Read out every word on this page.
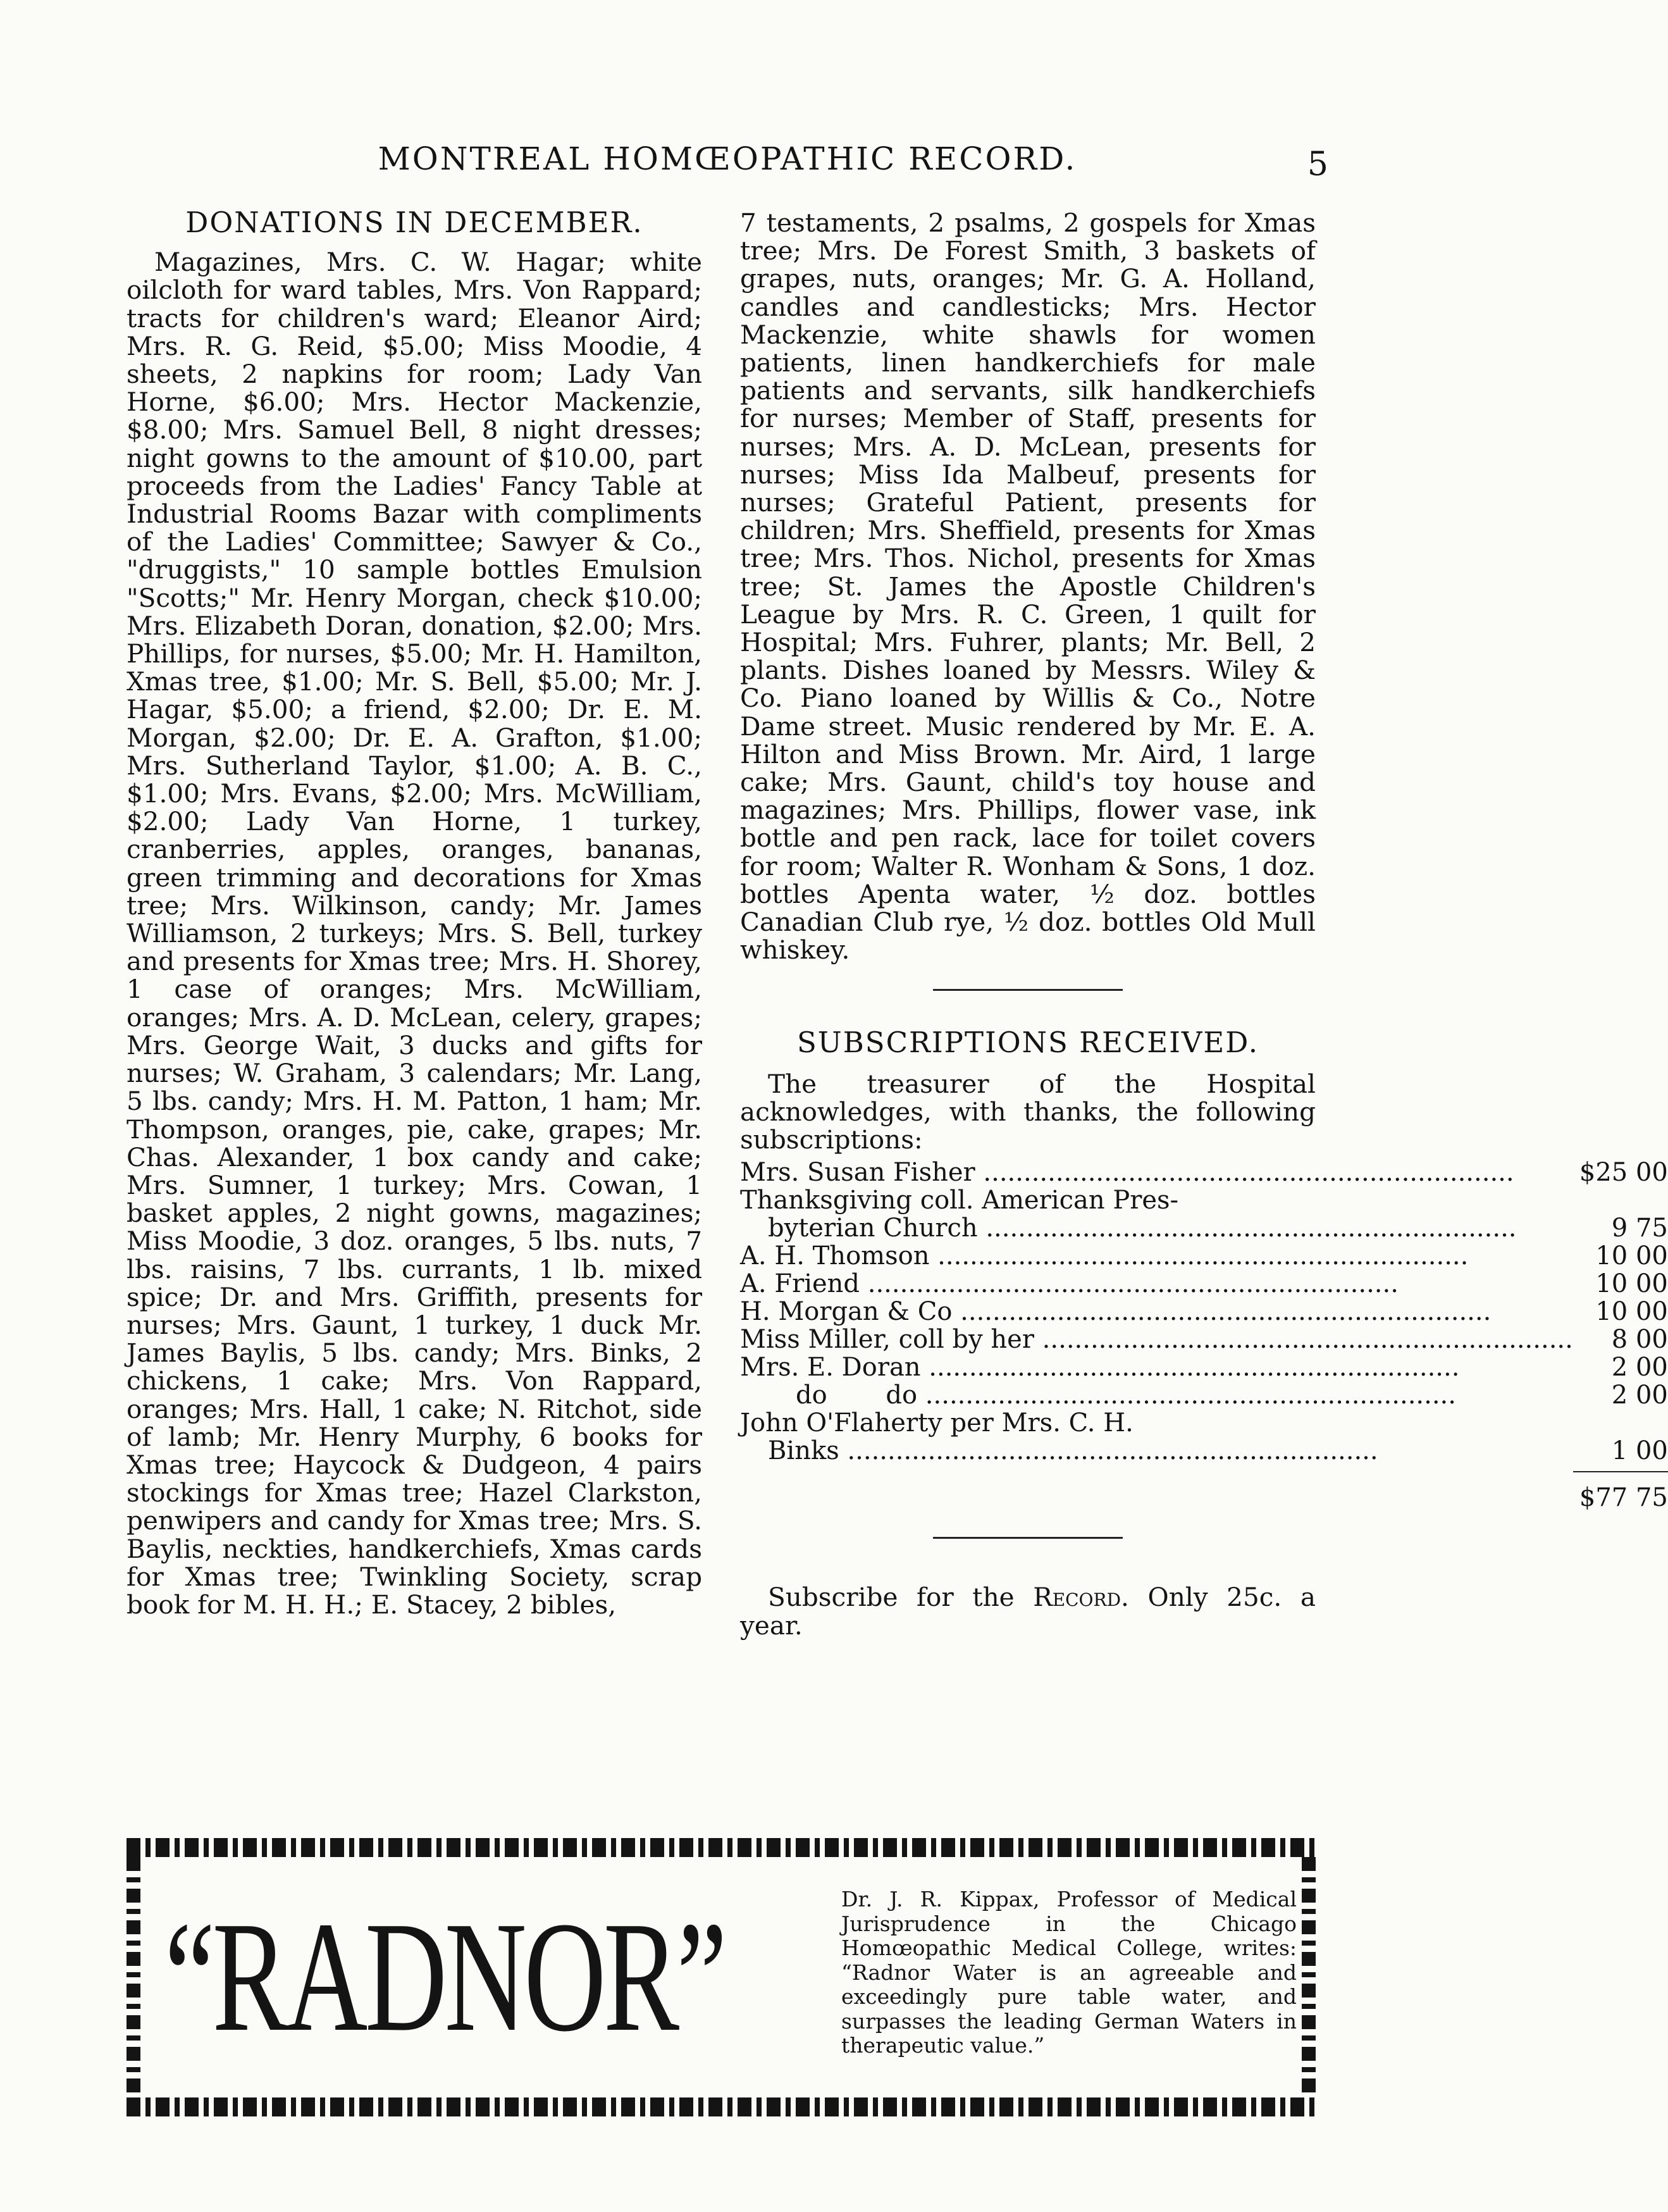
MONTREAL HOMŒOPATHIC RECORD.	5
DONATIONS IN DECEMBER.

Magazines, Mrs. C. W. Hagar; white oilcloth for ward tables, Mrs. Von Rappard; tracts for children's ward; Eleanor Aird; Mrs. R. G. Reid, $5.00; Miss Moodie, 4 sheets, 2 napkins for room; Lady Van Horne, $6.00; Mrs. Hector Mackenzie, $8.00; Mrs. Samuel Bell, 8 night dresses; night gowns to the amount of $10.00, part proceeds from the Ladies' Fancy Table at Industrial Rooms Bazar with compliments of the Ladies' Committee; Sawyer & Co., "druggists," 10 sample bottles Emulsion "Scotts;" Mr. Henry Morgan, check $10.00; Mrs. Elizabeth Doran, donation, $2.00; Mrs. Phillips, for nurses, $5.00; Mr. H. Hamilton, Xmas tree, $1.00; Mr. S. Bell, $5.00; Mr. J. Hagar, $5.00; a friend, $2.00; Dr. E. M. Morgan, $2.00; Dr. E. A. Grafton, $1.00; Mrs. Sutherland Taylor, $1.00; A. B. C., $1.00; Mrs. Evans, $2.00; Mrs. McWilliam, $2.00; Lady Van Horne, 1 turkey, cranberries, apples, oranges, bananas, green trimming and decorations for Xmas tree; Mrs. Wilkinson, candy; Mr. James Williamson, 2 turkeys; Mrs. S. Bell, turkey and presents for Xmas tree; Mrs. H. Shorey, 1 case of oranges; Mrs. McWilliam, oranges; Mrs. A. D. McLean, celery, grapes; Mrs. George Wait, 3 ducks and gifts for nurses; W. Graham, 3 calendars; Mr. Lang, 5 lbs. candy; Mrs. H. M. Patton, 1 ham; Mr. Thompson, oranges, pie, cake, grapes; Mr. Chas. Alexander, 1 box candy and cake; Mrs. Sumner, 1 turkey; Mrs. Cowan, 1 basket apples, 2 night gowns, magazines; Miss Moodie, 3 doz. oranges, 5 lbs. nuts, 7 lbs. raisins, 7 lbs. currants, 1 lb. mixed spice; Dr. and Mrs. Griffith, presents for nurses; Mrs. Gaunt, 1 turkey, 1 duck Mr. James Baylis, 5 lbs. candy; Mrs. Binks, 2 chickens, 1 cake; Mrs. Von Rappard, oranges; Mrs. Hall, 1 cake; N. Ritchot, side of lamb; Mr. Henry Murphy, 6 books for Xmas tree; Haycock & Dudgeon, 4 pairs stockings for Xmas tree; Hazel Clarkston, penwipers and candy for Xmas tree; Mrs. S. Baylis, neckties, handkerchiefs, Xmas cards for Xmas tree; Twinkling Society, scrap book for M. H. H.; E. Stacey, 2 bibles,

7 testaments, 2 psalms, 2 gospels for Xmas tree; Mrs. De Forest Smith, 3 baskets of grapes, nuts, oranges; Mr. G. A. Holland, candles and candlesticks; Mrs. Hector Mackenzie, white shawls for women patients, linen handkerchiefs for male patients and servants, silk handkerchiefs for nurses; Member of Staff, presents for nurses; Mrs. A. D. McLean, presents for nurses; Miss Ida Malbeuf, presents for nurses; Grateful Patient, presents for children; Mrs. Sheffield, presents for Xmas tree; Mrs. Thos. Nichol, presents for Xmas tree; St. James the Apostle Children's League by Mrs. R. C. Green, 1 quilt for Hospital; Mrs. Fuhrer, plants; Mr. Bell, 2 plants. Dishes loaned by Messrs. Wiley & Co. Piano loaned by Willis & Co., Notre Dame street. Music rendered by Mr. E. A. Hilton and Miss Brown. Mr. Aird, 1 large cake; Mrs. Gaunt, child's toy house and magazines; Mrs. Phillips, flower vase, ink bottle and pen rack, lace for toilet covers for room; Walter R. Wonham & Sons, 1 doz. bottles Apenta water, ½ doz. bottles Canadian Club rye, ½ doz. bottles Old Mull whiskey.

SUBSCRIPTIONS RECEIVED.

The treasurer of the Hospital acknowledges, with thanks, the following subscriptions:

Mrs. Susan Fisher .....	$25 00
Thanksgiving coll. American Pres-	
byterian Church .....	9 75
A. H. Thomson .....	10 00
A. Friend .....	10 00
H. Morgan & Co .....	10 00
Miss Miller, coll by her .....	8 00
Mrs. E. Doran .....	2 00
do do .....	2 00
John O'Flaherty per Mrs. C. H.	
Binks .....	1 00

	$77 75

Subscribe for the Record. Only 25c. a year.

“RADNOR”	Dr. J. R. Kippax, Professor of Medical Jurisprudence in the Chicago Homœopathic Medical College, writes: “Radnor Water is an agreeable and exceedingly pure table water, and surpasses the leading German Waters in therapeutic value.”
